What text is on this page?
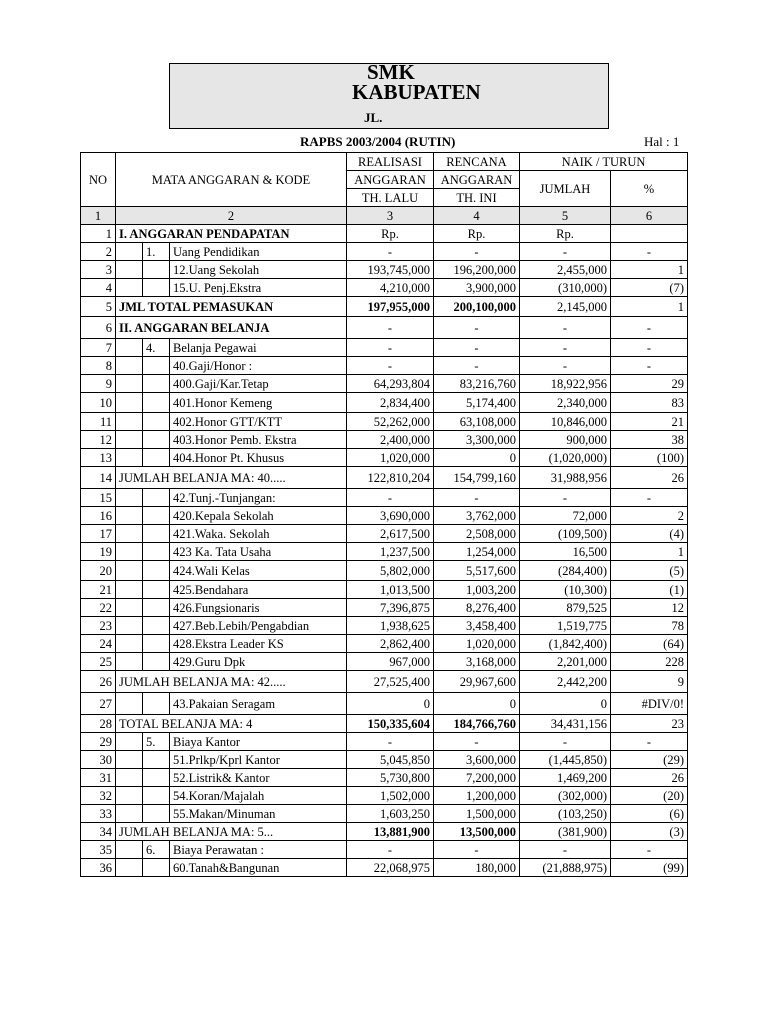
SMK
KABUPATEN
JL.
RAPBS 2003/2004 (RUTIN)	Hal : 1
NO	MATA ANGGARAN & KODE			REALISASI	RENCANA	NAIK / TURUN	
				ANGGARAN	ANGGARAN	JUMLAH	%
				TH. LALU	TH. INI		
1	2			3	4	5	6
1	I. ANGGARAN PENDAPATAN			Rp.	Rp.	Rp.	
2		1.	Uang Pendidikan	-	-	-	-
3			12.Uang Sekolah	193,745,000	196,200,000	2,455,000	1
4			15.U. Penj.Ekstra	4,210,000	3,900,000	(310,000)	(7)
5	JML TOTAL PEMASUKAN			197,955,000	200,100,000	2,145,000	1
6	II. ANGGARAN BELANJA			-	-	-	-
7		4.	Belanja Pegawai	-	-	-	-
8			40.Gaji/Honor :	-	-	-	-
9			400.Gaji/Kar.Tetap	64,293,804	83,216,760	18,922,956	29
10			401.Honor Kemeng	2,834,400	5,174,400	2,340,000	83
11			402.Honor GTT/KTT	52,262,000	63,108,000	10,846,000	21
12			403.Honor Pemb. Ekstra	2,400,000	3,300,000	900,000	38
13			404.Honor Pt. Khusus	1,020,000	0	(1,020,000)	(100)
14	JUMLAH BELANJA MA: 40.....			122,810,204	154,799,160	31,988,956	26
15			42.Tunj.-Tunjangan:	-	-	-	-
16			420.Kepala Sekolah	3,690,000	3,762,000	72,000	2
17			421.Waka. Sekolah	2,617,500	2,508,000	(109,500)	(4)
19			423 Ka. Tata Usaha	1,237,500	1,254,000	16,500	1
20			424.Wali Kelas	5,802,000	5,517,600	(284,400)	(5)
21			425.Bendahara	1,013,500	1,003,200	(10,300)	(1)
22			426.Fungsionaris	7,396,875	8,276,400	879,525	12
23			427.Beb.Lebih/Pengabdian	1,938,625	3,458,400	1,519,775	78
24			428.Ekstra Leader KS	2,862,400	1,020,000	(1,842,400)	(64)
25			429.Guru Dpk	967,000	3,168,000	2,201,000	228
26	JUMLAH BELANJA MA: 42.....			27,525,400	29,967,600	2,442,200	9
27			43.Pakaian Seragam	0	0	0	#DIV/0!
28	TOTAL BELANJA MA: 4			150,335,604	184,766,760	34,431,156	23
29		5.	Biaya Kantor	-	-	-	-
30			51.Prlkp/Kprl Kantor	5,045,850	3,600,000	(1,445,850)	(29)
31			52.Listrik& Kantor	5,730,800	7,200,000	1,469,200	26
32			54.Koran/Majalah	1,502,000	1,200,000	(302,000)	(20)
33			55.Makan/Minuman	1,603,250	1,500,000	(103,250)	(6)
34	JUMLAH BELANJA MA: 5...			13,881,900	13,500,000	(381,900)	(3)
35		6.	Biaya Perawatan :	-	-	-	-
36			60.Tanah&Bangunan	22,068,975	180,000	(21,888,975)	(99)
